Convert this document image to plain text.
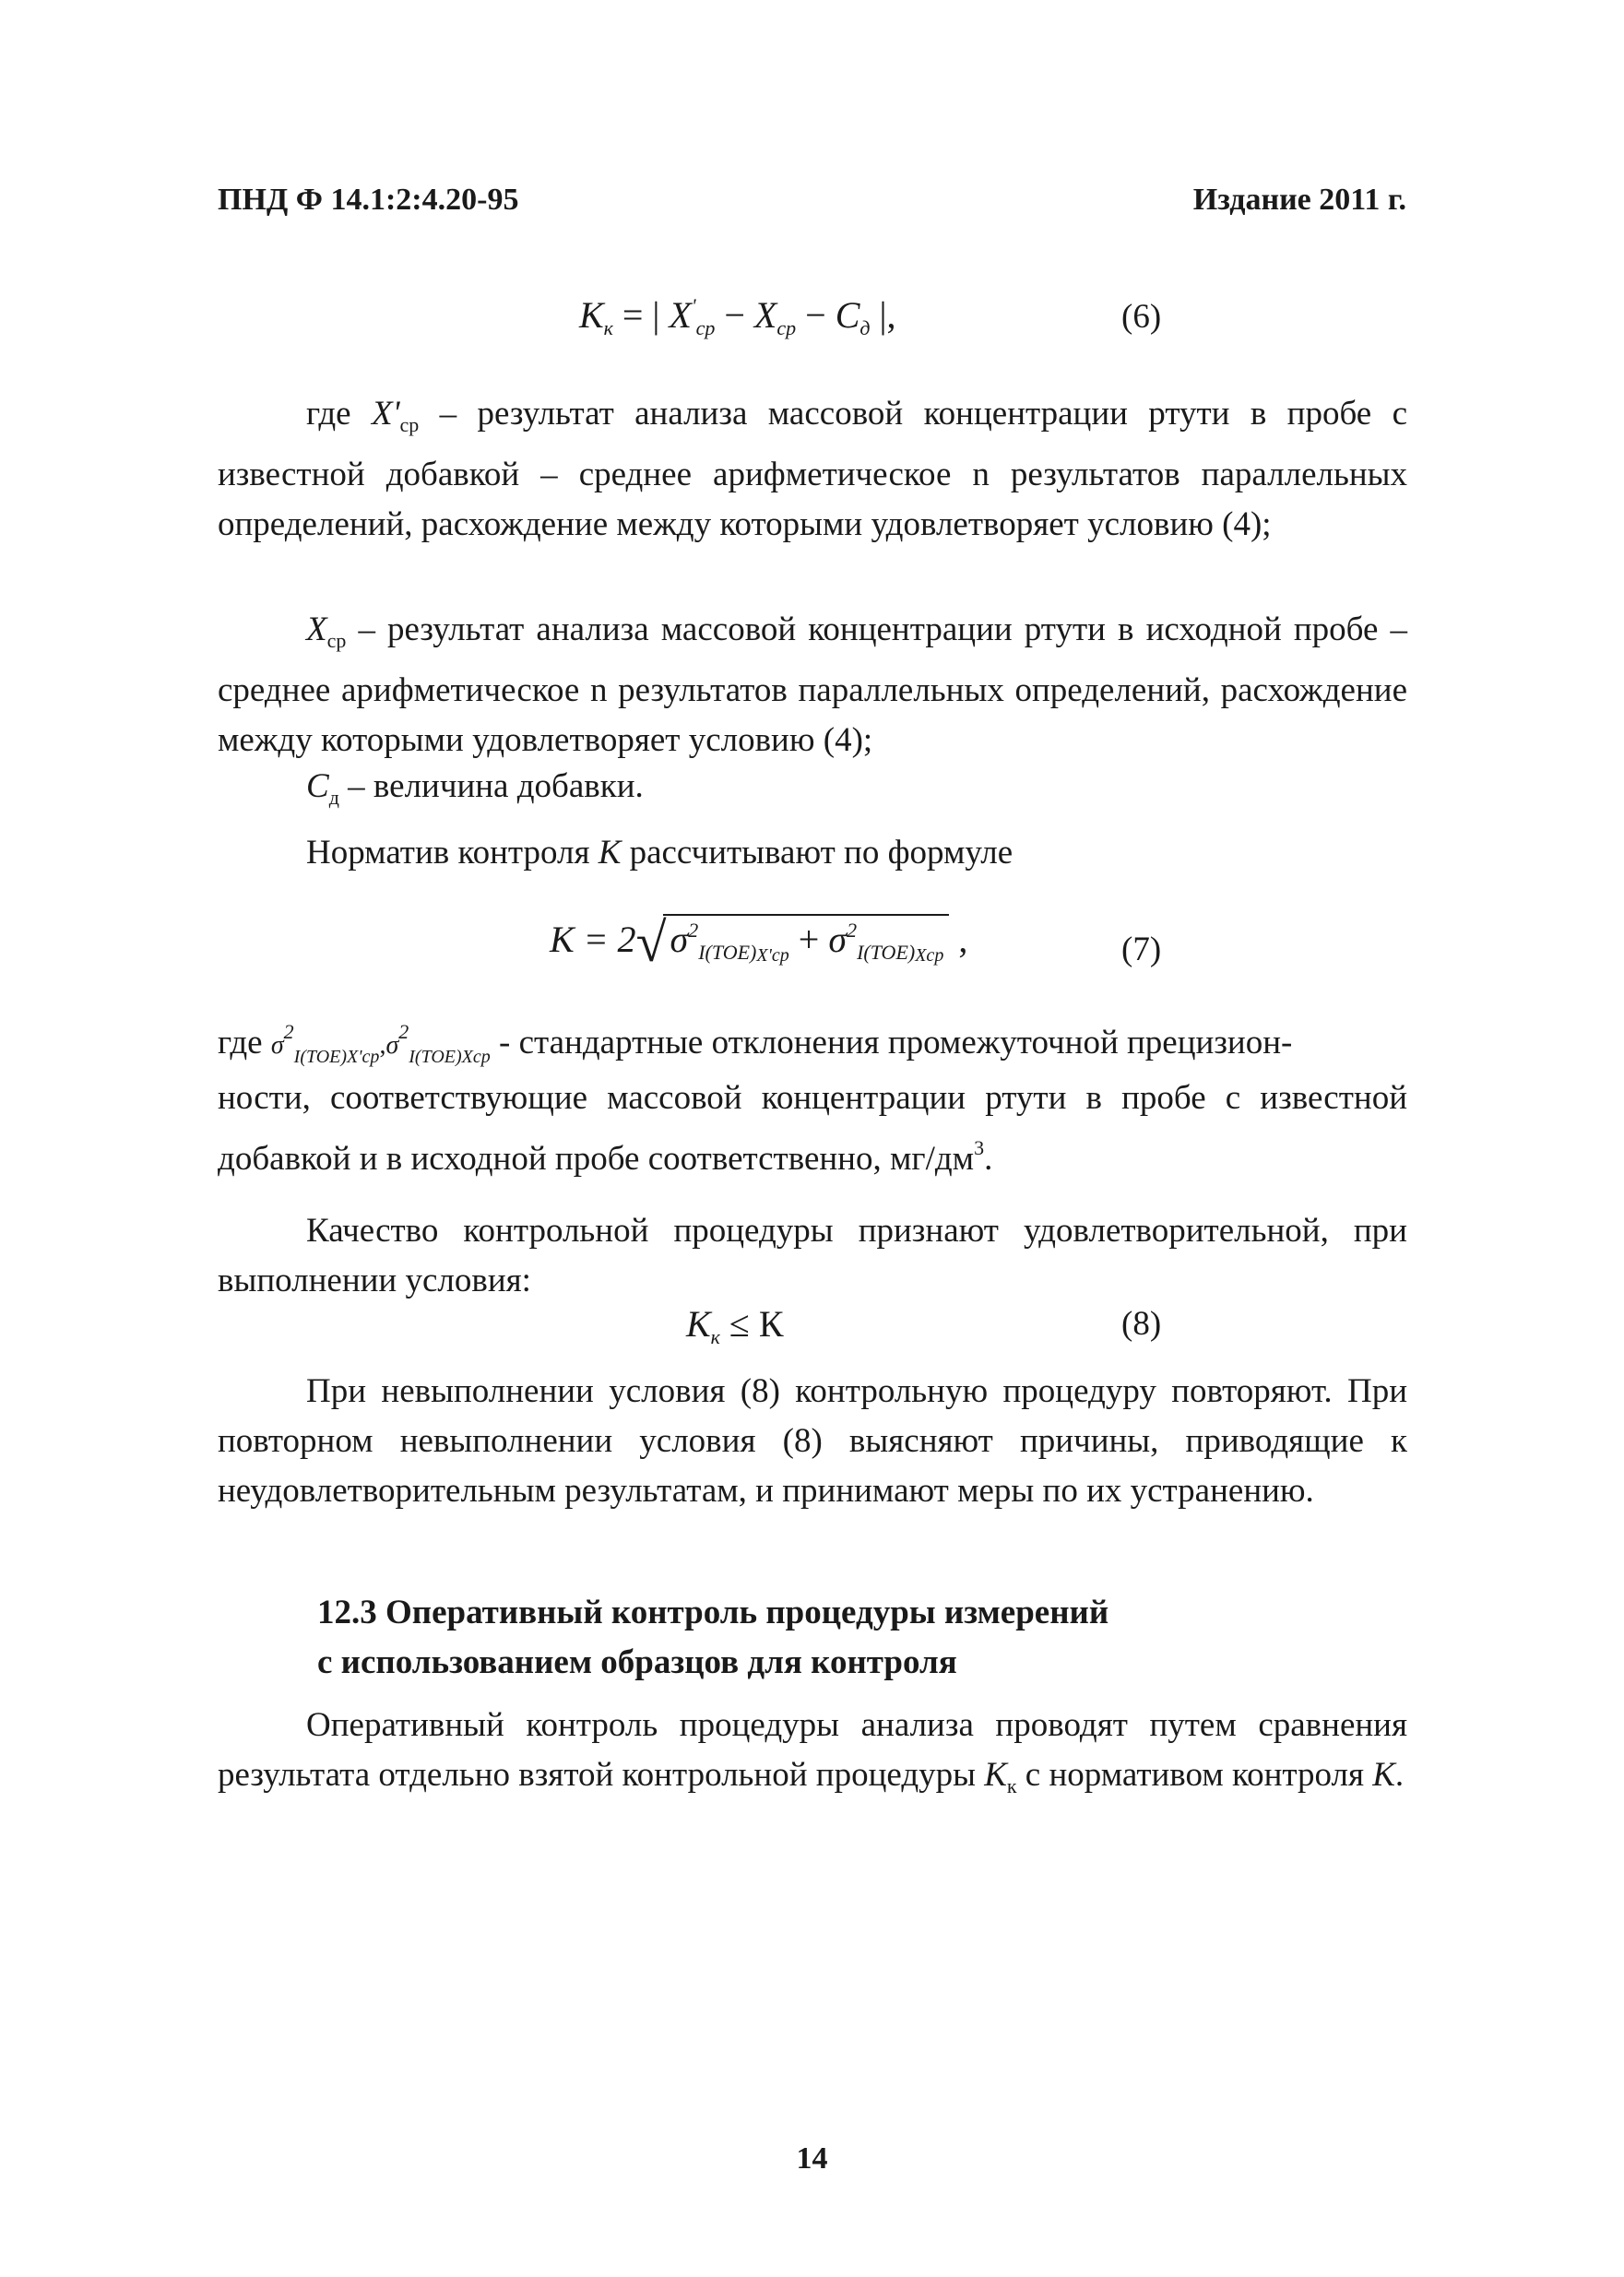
ПНД Ф 14.1:2:4.20-95	Издание 2011 г.
$К_к$ = | $X'_{ср} - X_{ср} - C_д$ |,	(6)
где $X'_{ср}$ – результат анализа массовой концентрации ртути в пробе с известной добавкой – среднее арифметическое n результатов параллельных определений, расхождение между которыми удовлетворяет условию (4);
$X_{ср}$ – результат анализа массовой концентрации ртути в исходной пробе – среднее арифметическое n результатов параллельных определений, расхождение между которыми удовлетворяет условию (4);
$С_д$ – величина добавки.
Норматив контроля К рассчитывают по формуле
К = 2√ $\sigma^2_{I(TOE)X'ср} + \sigma^2_{I(TOE)Xср}$ ,	(7)
где $\sigma^2_{I(TOE)X'ср},\sigma^2_{I(TOE)Xср}$ - стандартные отклонения промежуточной прецизион-
ности, соответствующие массовой концентрации ртути в пробе с известной добавкой и в исходной пробе соответственно, $мг/дм^3$.
Качество контрольной процедуры признают удовлетворительной, при выполнении условия:
$К_к \le К$	(8)
При невыполнении условия (8) контрольную процедуру повторяют. При повторном невыполнении условия (8) выясняют причины, приводящие к неудовлетворительным результатам, и принимают меры по их устранению.
12.3 Оперативный контроль процедуры измерений
с использованием образцов для контроля
Оперативный контроль процедуры анализа проводят путем сравнения результата отдельно взятой контрольной процедуры $К_к$ с нормативом контроля К.
14
